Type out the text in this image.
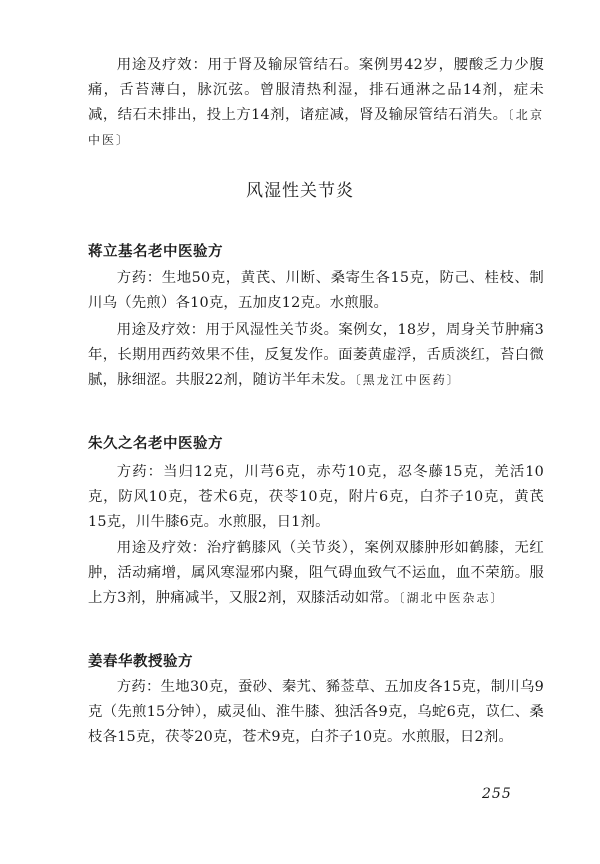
用途及疗效：用于肾及输尿管结石。案例男42岁，腰酸乏力少腹痛，舌苔薄白，脉沉弦。曾服清热利湿，排石通淋之品14剂，症未减，结石未排出，投上方14剂，诸症减，肾及输尿管结石消失。〔北京中医〕

风湿性关节炎
蒋立基名老中医验方

方药：生地50克，黄芪、川断、桑寄生各15克，防己、桂枝、制川乌（先煎）各10克，五加皮12克。水煎服。

用途及疗效：用于风湿性关节炎。案例女，18岁，周身关节肿痛3年，长期用西药效果不佳，反复发作。面萎黄虚浮，舌质淡红，苔白微腻，脉细涩。共服22剂，随访半年未发。〔黑龙江中医药〕

朱久之名老中医验方

方药：当归12克，川芎6克，赤芍10克，忍冬藤15克，羌活10克，防风10克，苍术6克，茯苓10克，附片6克，白芥子10克，黄芪15克，川牛膝6克。水煎服，日1剂。

用途及疗效：治疗鹤膝风（关节炎），案例双膝肿形如鹤膝，无红肿，活动痛增，属风寒湿邪内聚，阻气碍血致气不运血，血不荣筋。服上方3剂，肿痛减半，又服2剂，双膝活动如常。〔湖北中医杂志〕

姜春华教授验方

方药：生地30克，蚕砂、秦艽、豨莶草、五加皮各15克，制川乌9克（先煎15分钟），威灵仙、淮牛膝、独活各9克，乌蛇6克，苡仁、桑枝各15克，茯苓20克，苍术9克，白芥子10克。水煎服，日2剂。

255
